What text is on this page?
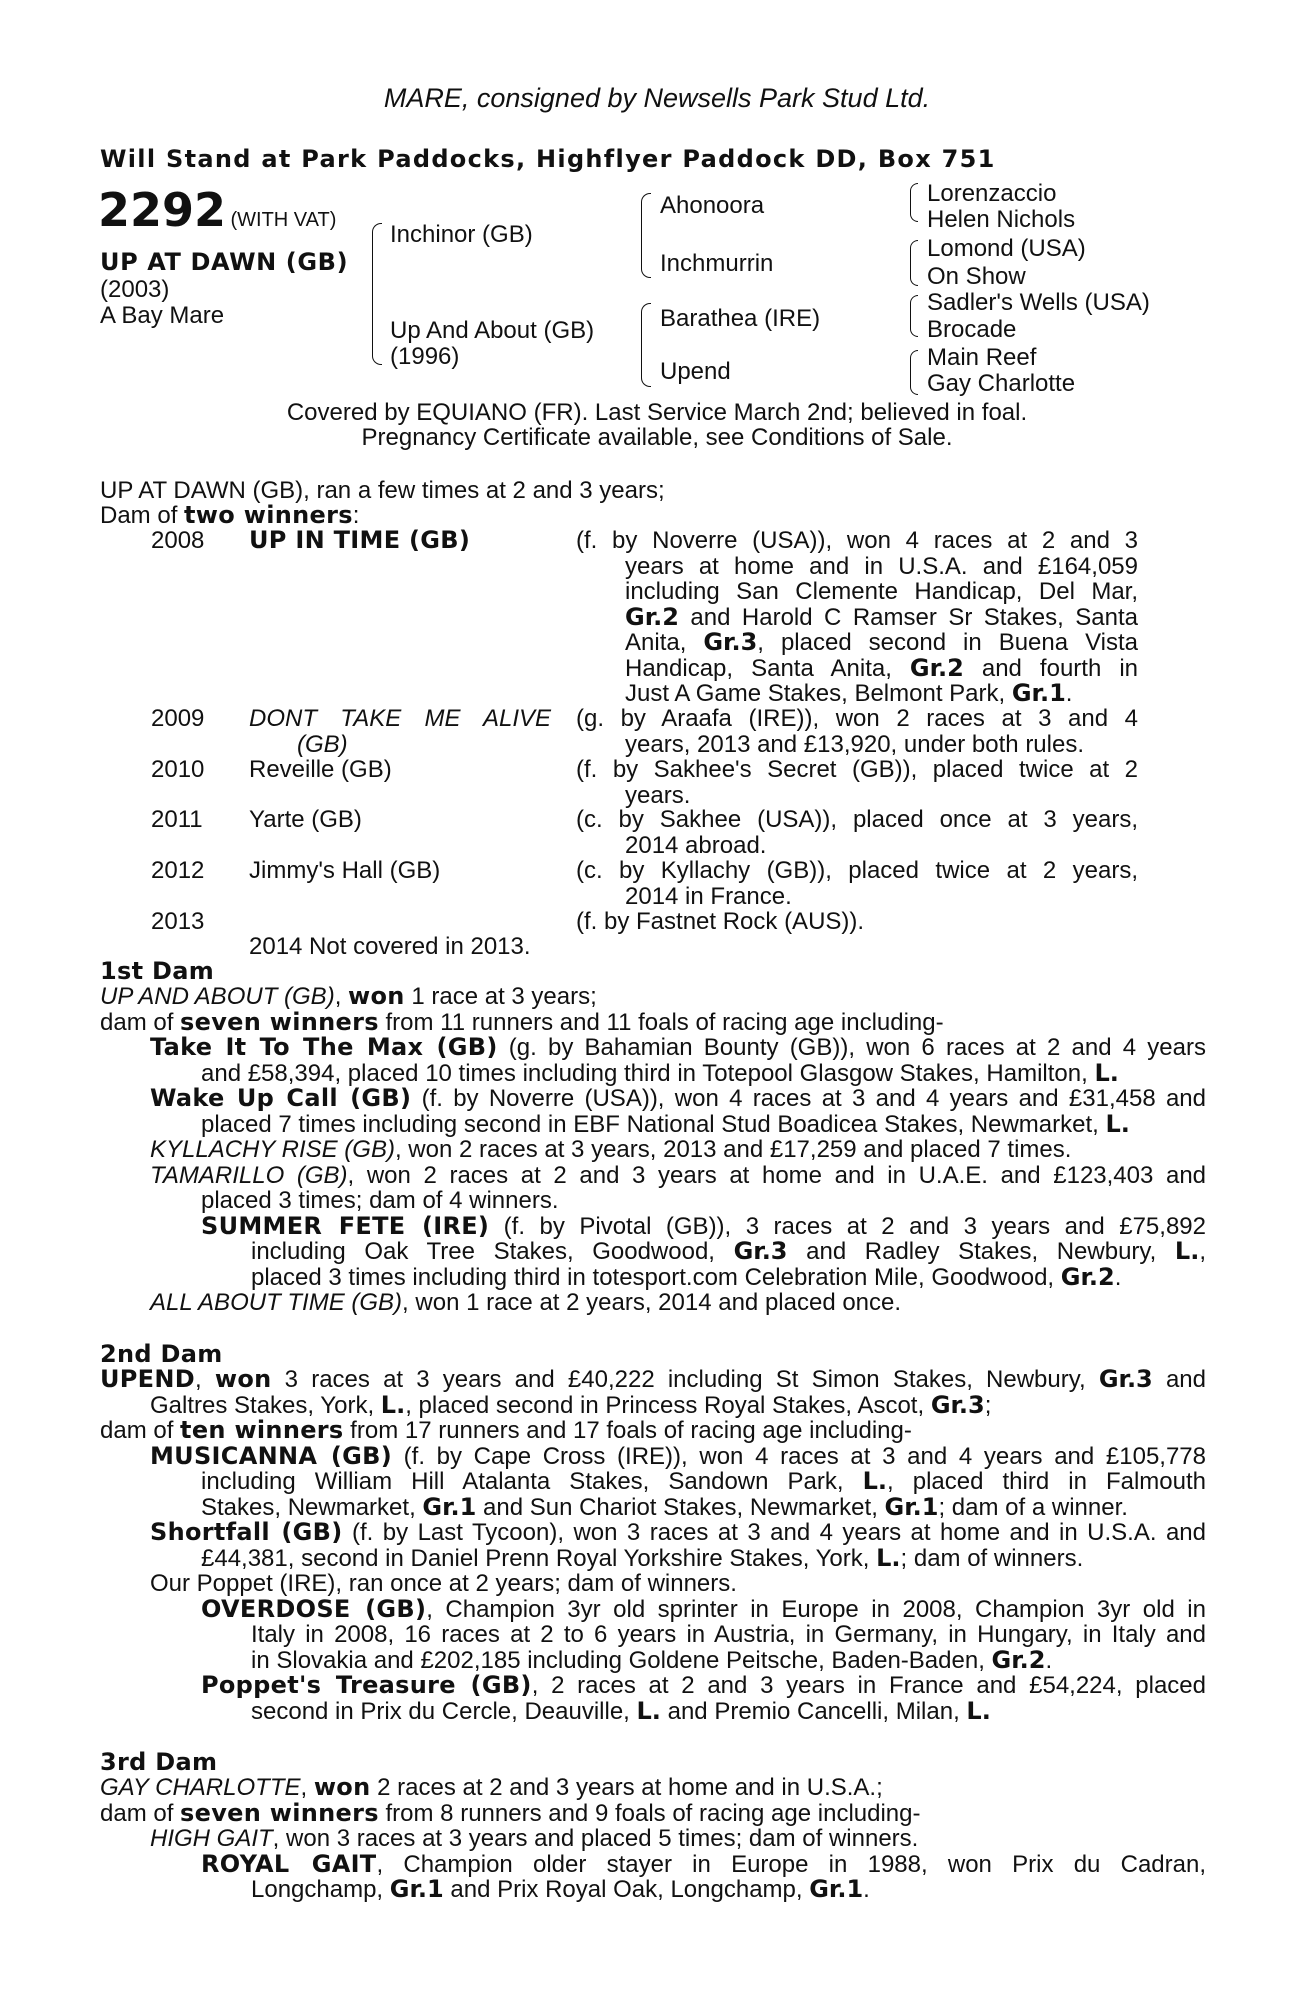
MARE, consigned by Newsells Park Stud Ltd.
Will Stand at Park Paddocks, Highflyer Paddock DD, Box 751
2292 (WITH VAT)
UP AT DAWN (GB)
(2003)
A Bay Mare
Inchinor (GB)
Up And About (GB)
(1996)
Ahonoora
Inchmurrin
Barathea (IRE)
Upend
Lorenzaccio
Helen Nichols
Lomond (USA)
On Show
Sadler's Wells (USA)
Brocade
Main Reef
Gay Charlotte
Covered by EQUIANO (FR). Last Service March 2nd; believed in foal.
Pregnancy Certificate available, see Conditions of Sale.
UP AT DAWN (GB), ran a few times at 2 and 3 years;
Dam of two winners:
2008 UP IN TIME (GB)	(f. by Noverre (USA)), won 4 races at 2 and 3
years at home and in U.S.A. and £164,059
including San Clemente Handicap, Del Mar,
Gr.2 and Harold C Ramser Sr Stakes, Santa
Anita, Gr.3, placed second in Buena Vista
Handicap, Santa Anita, Gr.2 and fourth in
Just A Game Stakes, Belmont Park, Gr.1.
2009 DONT TAKE ME ALIVE
(GB)
(g. by Araafa (IRE)), won 2 races at 3 and 4
years, 2013 and £13,920, under both rules.
2010 Reveille (GB)	(f. by Sakhee's Secret (GB)), placed twice at 2
years.
2011 Yarte (GB)	(c. by Sakhee (USA)), placed once at 3 years,
2014 abroad.
2012 Jimmy's Hall (GB)	(c. by Kyllachy (GB)), placed twice at 2 years,
2014 in France.
2013	(f. by Fastnet Rock (AUS)).
2014 Not covered in 2013.
1st Dam
UP AND ABOUT (GB), won 1 race at 3 years;
dam of seven winners from 11 runners and 11 foals of racing age including-
Take It To The Max (GB) (g. by Bahamian Bounty (GB)), won 6 races at 2 and 4 years
and £58,394, placed 10 times including third in Totepool Glasgow Stakes, Hamilton, L.
Wake Up Call (GB) (f. by Noverre (USA)), won 4 races at 3 and 4 years and £31,458 and
placed 7 times including second in EBF National Stud Boadicea Stakes, Newmarket, L.
KYLLACHY RISE (GB), won 2 races at 3 years, 2013 and £17,259 and placed 7 times.
TAMARILLO (GB), won 2 races at 2 and 3 years at home and in U.A.E. and £123,403 and
placed 3 times; dam of 4 winners.
SUMMER FETE (IRE) (f. by Pivotal (GB)), 3 races at 2 and 3 years and £75,892
including Oak Tree Stakes, Goodwood, Gr.3 and Radley Stakes, Newbury, L.,
placed 3 times including third in totesport.com Celebration Mile, Goodwood, Gr.2.
ALL ABOUT TIME (GB), won 1 race at 2 years, 2014 and placed once.
2nd Dam
UPEND, won 3 races at 3 years and £40,222 including St Simon Stakes, Newbury, Gr.3 and
Galtres Stakes, York, L., placed second in Princess Royal Stakes, Ascot, Gr.3;
dam of ten winners from 17 runners and 17 foals of racing age including-
MUSICANNA (GB) (f. by Cape Cross (IRE)), won 4 races at 3 and 4 years and £105,778
including William Hill Atalanta Stakes, Sandown Park, L., placed third in Falmouth
Stakes, Newmarket, Gr.1 and Sun Chariot Stakes, Newmarket, Gr.1; dam of a winner.
Shortfall (GB) (f. by Last Tycoon), won 3 races at 3 and 4 years at home and in U.S.A. and
£44,381, second in Daniel Prenn Royal Yorkshire Stakes, York, L.; dam of winners.
Our Poppet (IRE), ran once at 2 years; dam of winners.
OVERDOSE (GB), Champion 3yr old sprinter in Europe in 2008, Champion 3yr old in
Italy in 2008, 16 races at 2 to 6 years in Austria, in Germany, in Hungary, in Italy and
in Slovakia and £202,185 including Goldene Peitsche, Baden-Baden, Gr.2.
Poppet's Treasure (GB), 2 races at 2 and 3 years in France and £54,224, placed
second in Prix du Cercle, Deauville, L. and Premio Cancelli, Milan, L.
3rd Dam
GAY CHARLOTTE, won 2 races at 2 and 3 years at home and in U.S.A.;
dam of seven winners from 8 runners and 9 foals of racing age including-
HIGH GAIT, won 3 races at 3 years and placed 5 times; dam of winners.
ROYAL GAIT, Champion older stayer in Europe in 1988, won Prix du Cadran,
Longchamp, Gr.1 and Prix Royal Oak, Longchamp, Gr.1.
